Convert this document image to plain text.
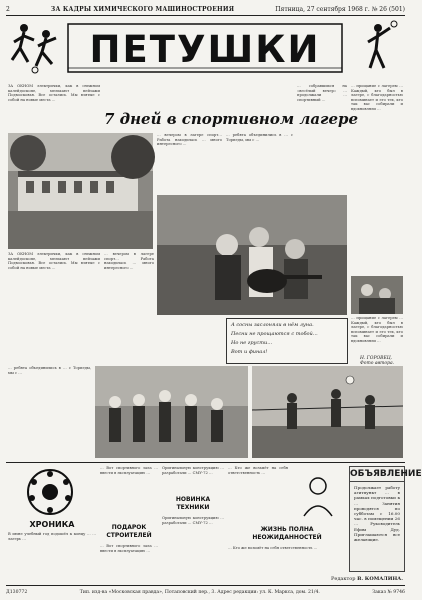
2	ЗА КАДРЫ ХИМИЧЕСКОГО МАШИНОСТРОЕНИЯ	Пятница, 27 сентября 1968 г. № 26 (501)
ПЕТУШКИ
7 дней в спортивном лагере

ЗА ОКНОМ электрички, как в снежном калейдоскопе, мелькают пейзажи Подмосковья. Все остались. Мы взятые с собой на новые места …

… вечером в лагере спорт… Работа находилась … много интересного …

… ребята объединились в … с Торпеды, мы с …

… собравшихся на «весёлый вечер» … продолжали … спортивный …

… прощание с лагерем … Каждый, кто был в лагере, с благодарностью вспоминает и его тех, кто так вас собирали и вдохновляли …

А сосны заслоняли в нём луна.
Песни не прощаются с тобой…
Но не грусти…
Вот и финал!

ЗА ОКНОМ электрички, как в снежном калейдоскопе, мелькают пейзажи Подмосковья. Все остались. Мы взятые с собой на новые места …

… вечером в лагере спорт… Работа находилась … много интересного …

… прощание с лагерем … Каждый, кто был в лагере, с благодарностью вспоминает и его тех, кто так вас собирали и вдохновляли …

Н. ГОРОВЕЦ.
Фото автора.

… ребята объединились в … с Торпеды, мы с …

ХРОНИКА

В июне учебный год подошёл к концу … … лагерь …

… Вот спортивного зала … ввести в эксплуатацию …

ПОДАРОК СТРОИТЕЛЕЙ

… Вот спортивного зала … ввести в эксплуатацию …

Оригинальную конструкцию … разработали … СМУ-72 …

НОВИНКА ТЕХНИКИ

Оригинальную конструкцию … разработали … СМУ-72 …

… Кто же возьмёт на себя ответственность …

ЖИЗНЬ ПОЛНА НЕОЖИДАННОСТЕЙ

… Кто же возьмёт на себя ответственность …

ОБЪЯВЛЕНИЕ
Продолжает работу агитпункт … в рамках подготовки к … Занятия проводятся по субботам с 16.00 час. в помещении 26 … Руководитель Ефим Дуд. Приглашаются все желающие.
Редактор В. КОМАЛИНА.
Д130772	Тип. изд-ва «Московская правда», Потаповский пер., 3. Адрес редакции: ул. К. Маркса, дом. 21/4.	Заказ № 9746
